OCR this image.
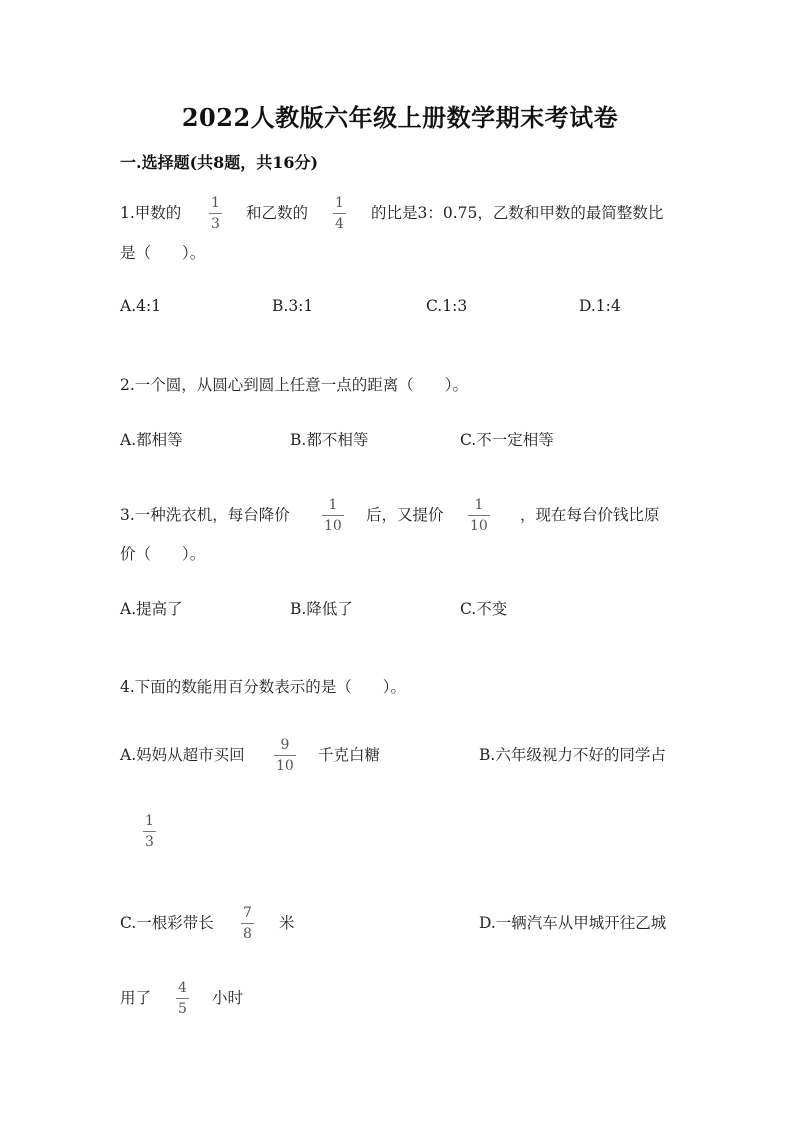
2022人教版六年级上册数学期末考试卷
一.选择题(共8题，共16分)
1.甲数的
1
3
和乙数的
1
4
的比是3：0.75，乙数和甲数的最简整数比
是（　　）。
A.4:1	B.3:1	C.1:3	D.1:4
2.一个圆，从圆心到圆上任意一点的距离（　　）。
A.都相等	B.都不相等	C.不一定相等
3.一种洗衣机，每台降价
1
10
后，又提价
1
10
，现在每台价钱比原
价（　　）。
A.提高了	B.降低了	C.不变
4.下面的数能用百分数表示的是（　　）。
A.妈妈从超市买回
9
10
千克白糖	B.六年级视力不好的同学占
1
3
C.一根彩带长
7
8
米	D.一辆汽车从甲城开往乙城
用了
4
5
小时
